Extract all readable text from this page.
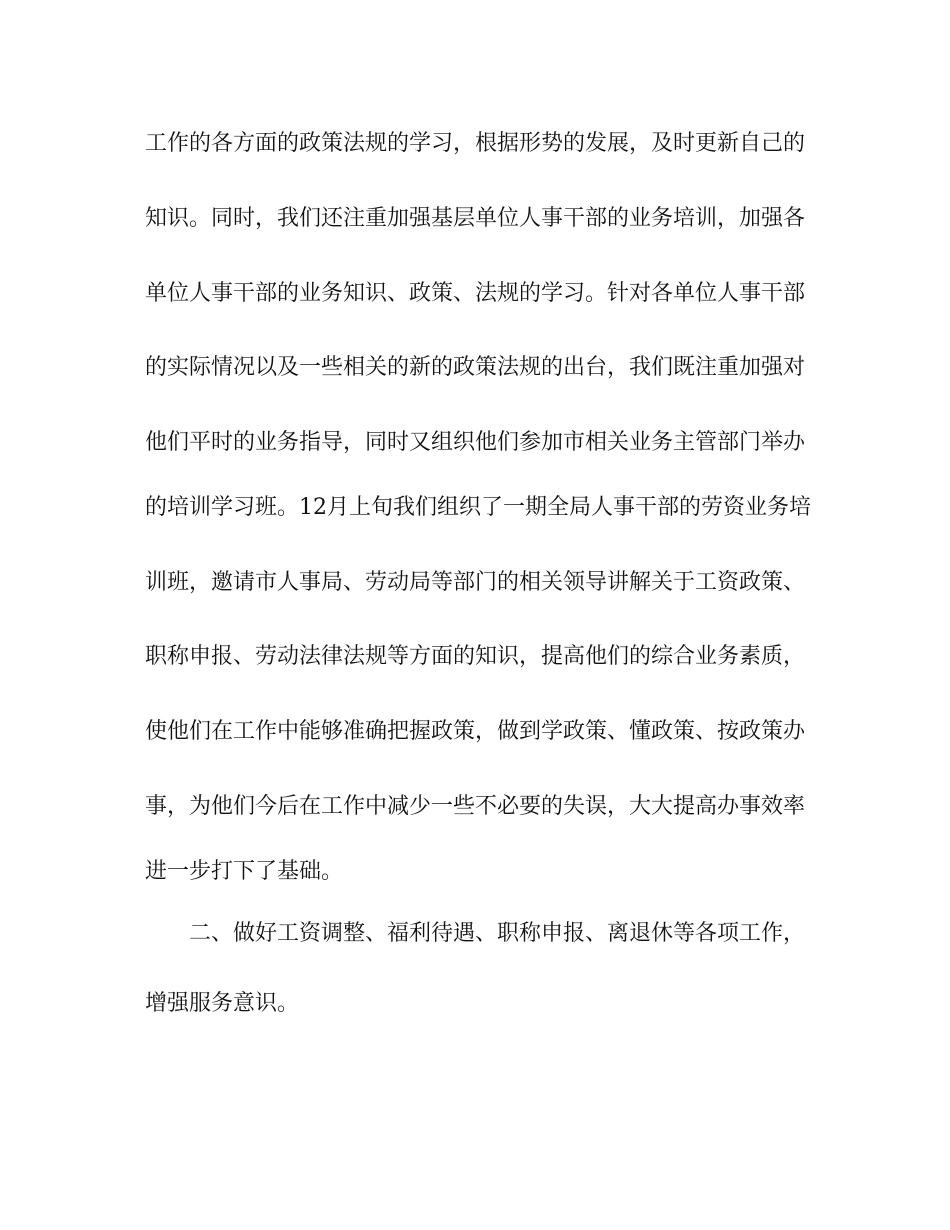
工作的各方面的政策法规的学习，根据形势的发展，及时更新自己的

知识。同时，我们还注重加强基层单位人事干部的业务培训，加强各

单位人事干部的业务知识、政策、法规的学习。针对各单位人事干部

的实际情况以及一些相关的新的政策法规的出台，我们既注重加强对

他们平时的业务指导，同时又组织他们参加市相关业务主管部门举办

的培训学习班。12月上旬我们组织了一期全局人事干部的劳资业务培

训班，邀请市人事局、劳动局等部门的相关领导讲解关于工资政策、

职称申报、劳动法律法规等方面的知识，提高他们的综合业务素质，

使他们在工作中能够准确把握政策，做到学政策、懂政策、按政策办

事，为他们今后在工作中减少一些不必要的失误，大大提高办事效率

进一步打下了基础。

　　二、做好工资调整、福利待遇、职称申报、离退休等各项工作，

增强服务意识。
